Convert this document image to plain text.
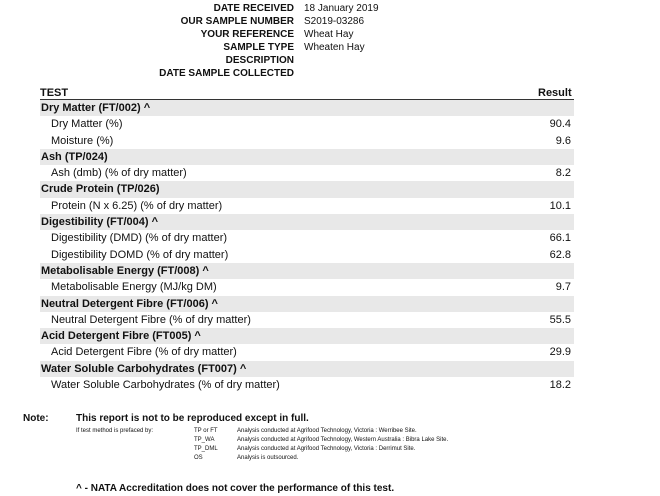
DATE RECEIVED 18 January 2019
OUR SAMPLE NUMBER S2019-03286
YOUR REFERENCE Wheat Hay
SAMPLE TYPE Wheaten Hay
DESCRIPTION
DATE SAMPLE COLLECTED
TEST	Result
Dry Matter (FT/002) ^
Dry Matter (%)	90.4
Moisture (%)	9.6
Ash (TP/024)
Ash (dmb) (% of dry matter)	8.2
Crude Protein (TP/026)
Protein (N x 6.25) (% of dry matter)	10.1
Digestibility (FT/004) ^
Digestibility (DMD) (% of dry matter)	66.1
Digestibility DOMD (% of dry matter)	62.8
Metabolisable Energy (FT/008) ^
Metabolisable Energy (MJ/kg DM)	9.7
Neutral Detergent Fibre (FT/006) ^
Neutral Detergent Fibre (% of dry matter)	55.5
Acid Detergent Fibre (FT005) ^
Acid Detergent Fibre (% of dry matter)	29.9
Water Soluble Carbohydrates (FT007) ^
Water Soluble Carbohydrates (% of dry matter)	18.2
Note:	This report is not to be reproduced except in full.
If test method is prefaced by:	TP or FT	Analysis conducted at Agrifood Technology, Victoria : Werribee Site.
TP_WA	Analysis conducted at Agrifood Technology, Western Australia : Bibra Lake Site.
TP_DML	Analysis conducted at Agrifood Technology, Victoria : Derrimut Site.
OS	Analysis is outsourced.
^ - NATA Accreditation does not cover the performance of this test.
